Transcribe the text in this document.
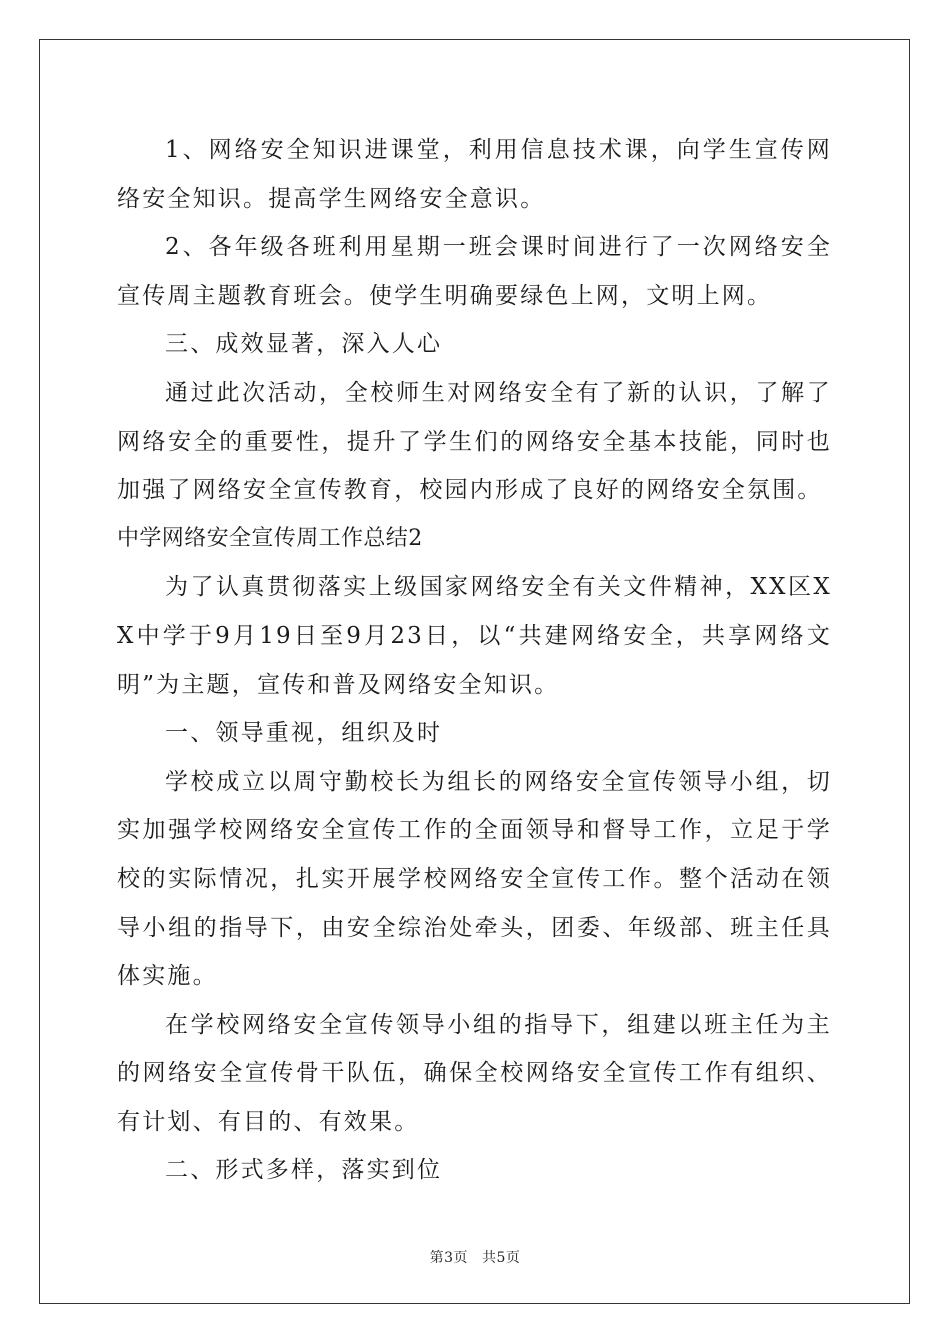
1、网络安全知识进课堂，利用信息技术课，向学生宣传网络安全知识。提高学生网络安全意识。

2、各年级各班利用星期一班会课时间进行了一次网络安全宣传周主题教育班会。使学生明确要绿色上网，文明上网。

三、成效显著，深入人心

通过此次活动，全校师生对网络安全有了新的认识，了解了网络安全的重要性，提升了学生们的网络安全基本技能，同时也加强了网络安全宣传教育，校园内形成了良好的网络安全氛围。

中学网络安全宣传周工作总结2

为了认真贯彻落实上级国家网络安全有关文件精神，XX区XX中学于9月19日至9月23日，以“共建网络安全，共享网络文明”为主题，宣传和普及网络安全知识。

一、领导重视，组织及时

学校成立以周守勤校长为组长的网络安全宣传领导小组，切实加强学校网络安全宣传工作的全面领导和督导工作，立足于学校的实际情况，扎实开展学校网络安全宣传工作。整个活动在领导小组的指导下，由安全综治处牵头，团委、年级部、班主任具体实施。

在学校网络安全宣传领导小组的指导下，组建以班主任为主的网络安全宣传骨干队伍，确保全校网络安全宣传工作有组织、有计划、有目的、有效果。

二、形式多样，落实到位

第3页 共5页
